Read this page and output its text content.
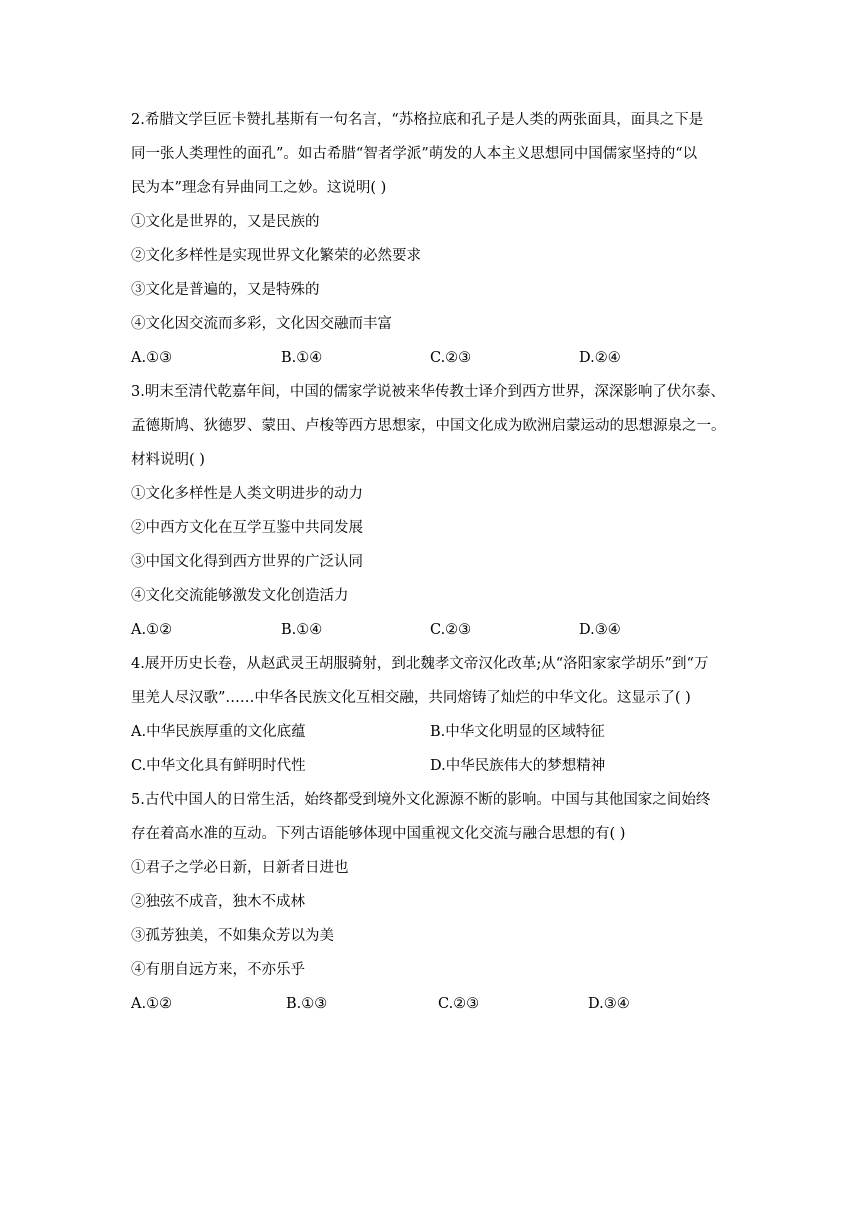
2.希腊文学巨匠卡赞扎基斯有一句名言，“苏格拉底和孔子是人类的两张面具，面具之下是
同一张人类理性的面孔”。如古希腊“智者学派”萌发的人本主义思想同中国儒家坚持的“以
民为本”理念有异曲同工之妙。这说明( )
①文化是世界的，又是民族的
②文化多样性是实现世界文化繁荣的必然要求
③文化是普遍的，又是特殊的
④文化因交流而多彩，文化因交融而丰富
A.①③	B.①④	C.②③	D.②④
3.明末至清代乾嘉年间，中国的儒家学说被来华传教士译介到西方世界，深深影响了伏尔泰、
孟德斯鸠、狄德罗、蒙田、卢梭等西方思想家，中国文化成为欧洲启蒙运动的思想源泉之一。
材料说明( )
①文化多样性是人类文明进步的动力
②中西方文化在互学互鉴中共同发展
③中国文化得到西方世界的广泛认同
④文化交流能够激发文化创造活力
A.①②	B.①④	C.②③	D.③④
4.展开历史长卷，从赵武灵王胡服骑射，到北魏孝文帝汉化改革;从“洛阳家家学胡乐”到“万
里羌人尽汉歌”……中华各民族文化互相交融，共同熔铸了灿烂的中华文化。这显示了( )
A.中华民族厚重的文化底蕴	B.中华文化明显的区域特征
C.中华文化具有鲜明时代性	D.中华民族伟大的梦想精神
5.古代中国人的日常生活，始终都受到境外文化源源不断的影响。中国与其他国家之间始终
存在着高水准的互动。下列古语能够体现中国重视文化交流与融合思想的有( )
①君子之学必日新，日新者日进也
②独弦不成音，独木不成林
③孤芳独美，不如集众芳以为美
④有朋自远方来，不亦乐乎
A.①②	B.①③	C.②③	D.③④
